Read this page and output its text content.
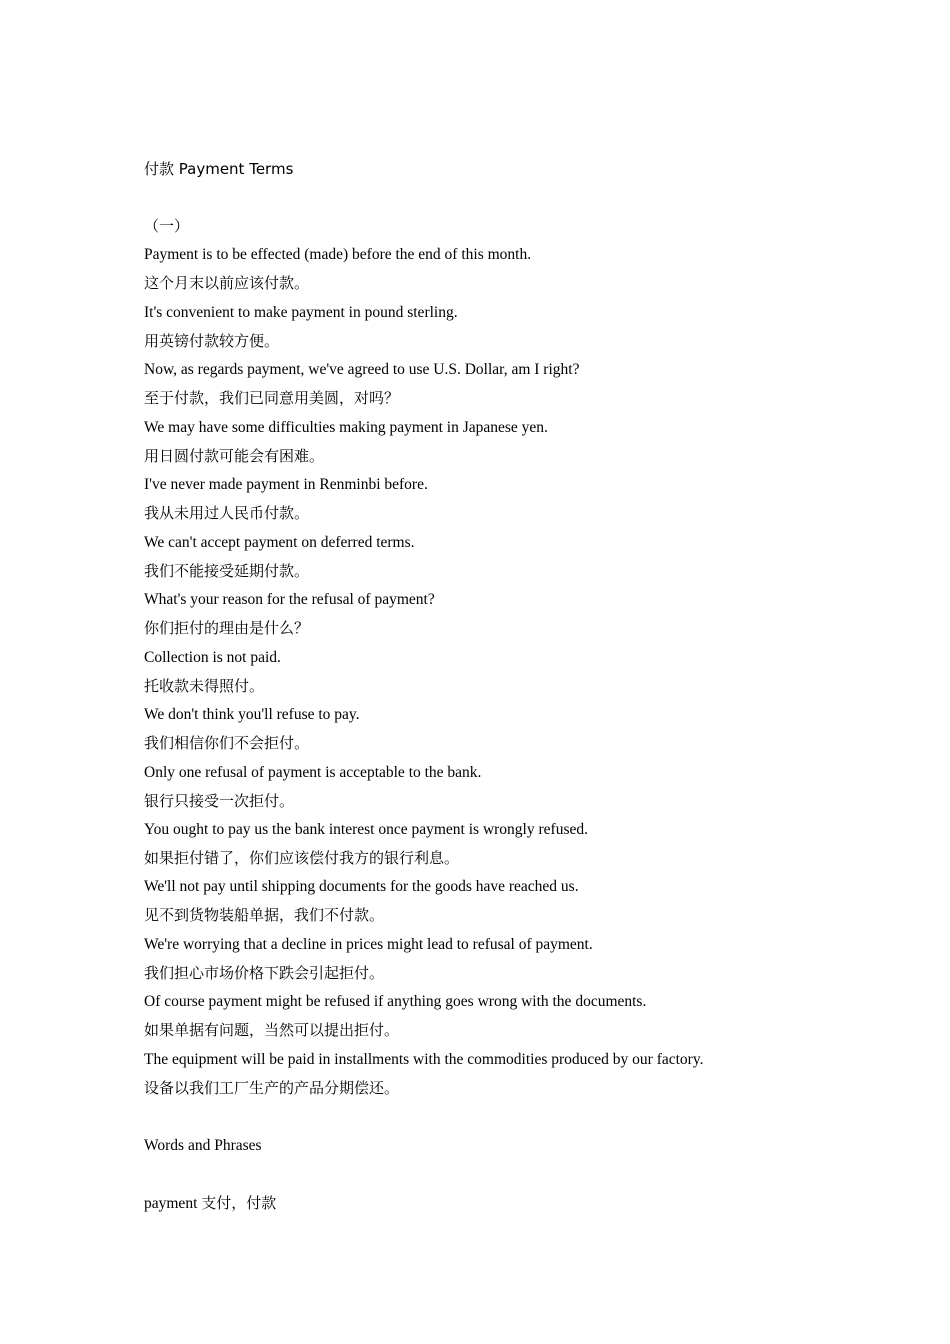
付款 Payment Terms
（一）
Payment is to be effected (made) before the end of this month.
这个月末以前应该付款。
It's convenient to make payment in pound sterling.
用英镑付款较方便。
Now, as regards payment, we've agreed to use U.S. Dollar, am I right?
至于付款，我们已同意用美圆，对吗？
We may have some difficulties making payment in Japanese yen.
用日圆付款可能会有困难。
I've never made payment in Renminbi before.
我从未用过人民币付款。
We can't accept payment on deferred terms.
我们不能接受延期付款。
What's your reason for the refusal of payment?
你们拒付的理由是什么？
Collection is not paid.
托收款未得照付。
We don't think you'll refuse to pay.
我们相信你们不会拒付。
Only one refusal of payment is acceptable to the bank.
银行只接受一次拒付。
You ought to pay us the bank interest once payment is wrongly refused.
如果拒付错了，你们应该偿付我方的银行利息。
We'll not pay until shipping documents for the goods have reached us.
见不到货物装船单据，我们不付款。
We're worrying that a decline in prices might lead to refusal of payment.
我们担心市场价格下跌会引起拒付。
Of course payment might be refused if anything goes wrong with the documents.
如果单据有问题，当然可以提出拒付。
The equipment will be paid in installments with the commodities produced by our factory.
设备以我们工厂生产的产品分期偿还。
Words and Phrases
payment 支付，付款
